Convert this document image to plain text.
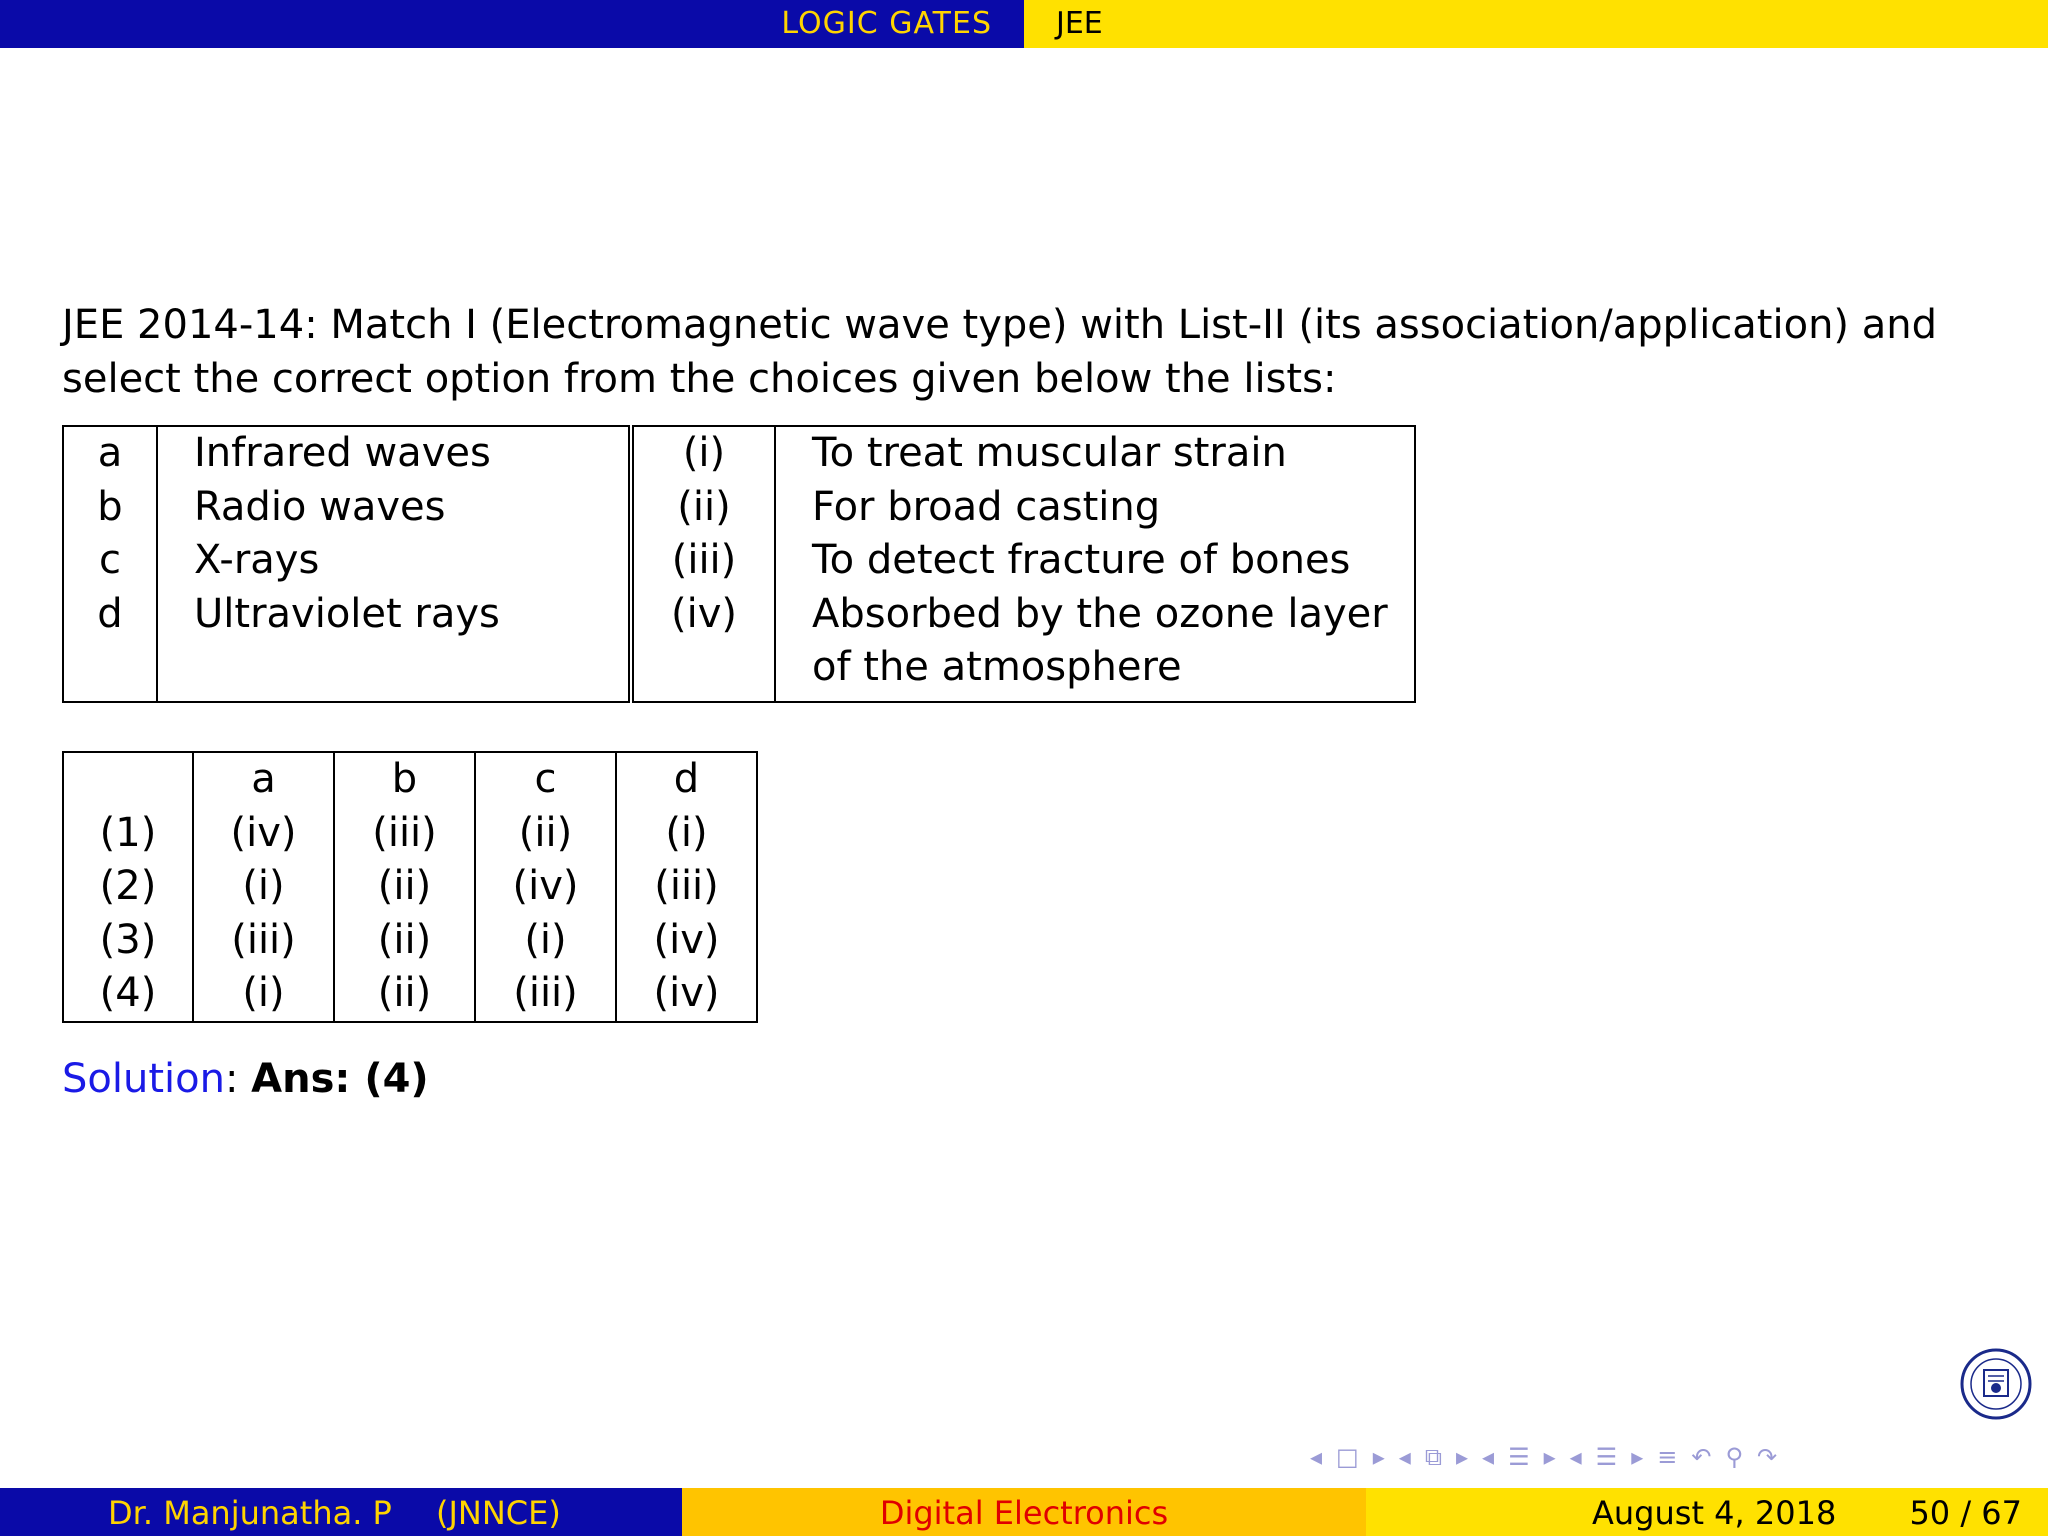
LOGIC GATES JEE
JEE 2014-14: Match I (Electromagnetic wave type) with List-II (its association/application) and
select the correct option from the choices given below the lists:
a	Infrared waves	(i)	To treat muscular strain
b	Radio waves	(ii)	For broad casting
c	X-rays	(iii)	To detect fracture of bones
d	Ultraviolet rays	(iv)	Absorbed by the ozone layer
			of the atmosphere
	a	b	c	d
(1)	(iv)	(iii)	(ii)	(i)
(2)	(i)	(ii)	(iv)	(iii)
(3)	(iii)	(ii)	(i)	(iv)
(4)	(i)	(ii)	(iii)	(iv)
Solution: Ans: (4)
◂ □ ▸ ◂ ⧉ ▸ ◂ ☰ ▸ ◂ ☰ ▸ ≡ ↶ ⚲ ↷
Dr. Manjunatha. P (JNNCE)	Digital Electronics	August 4, 2018 50 / 67
